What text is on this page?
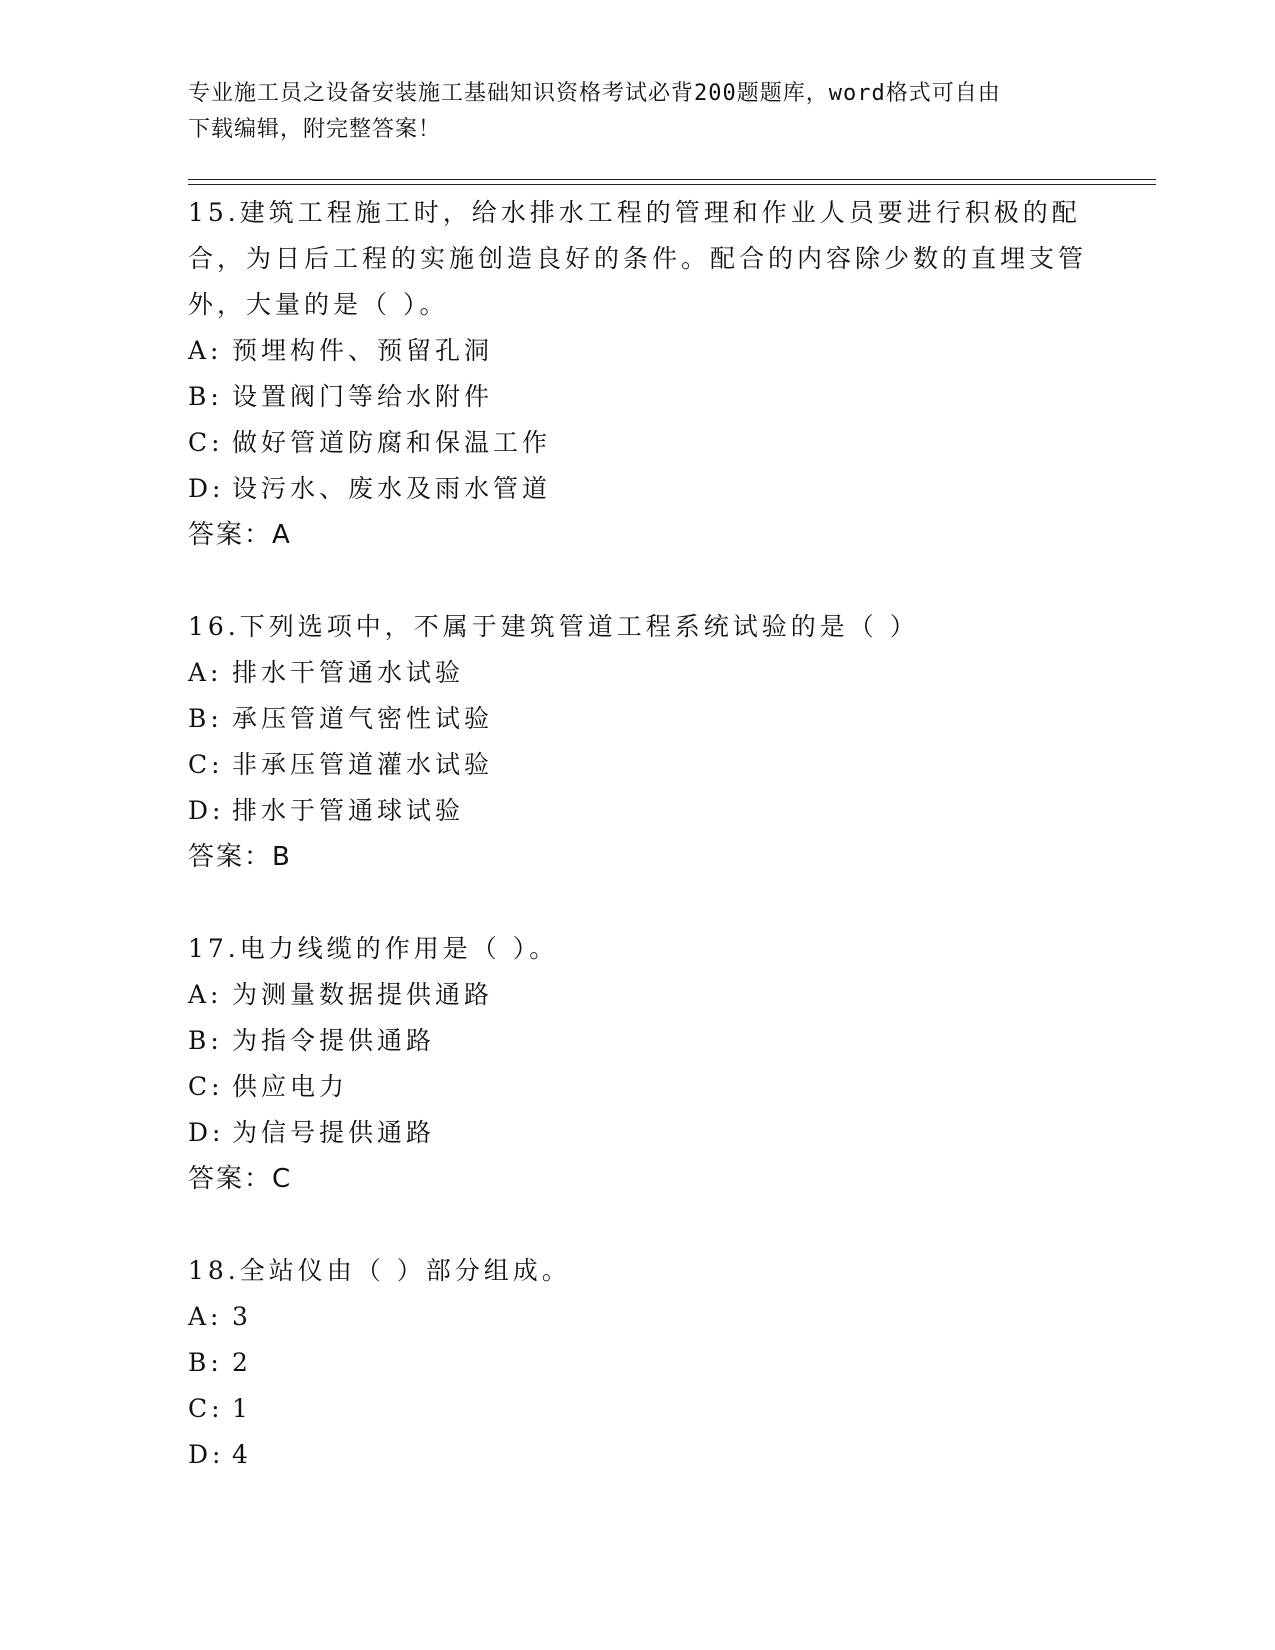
专业施工员之设备安装施工基础知识资格考试必背200题题库，word格式可自由
下载编辑，附完整答案！

15.建筑工程施工时，给水排水工程的管理和作业人员要进行积极的配合，为日后工程的实施创造良好的条件。配合的内容除少数的直埋支管外，大量的是（ ）。

A: 预埋构件、预留孔洞
B: 设置阀门等给水附件
C: 做好管道防腐和保温工作
D: 设污水、废水及雨水管道

答案：A

16.下列选项中，不属于建筑管道工程系统试验的是（ ）

A: 排水干管通水试验
B: 承压管道气密性试验
C: 非承压管道灌水试验
D: 排水于管通球试验

答案：B

17.电力线缆的作用是（ ）。

A: 为测量数据提供通路
B: 为指令提供通路
C: 供应电力
D: 为信号提供通路

答案：C

18.全站仪由（ ）部分组成。

A: 3
B: 2
C: 1
D: 4
